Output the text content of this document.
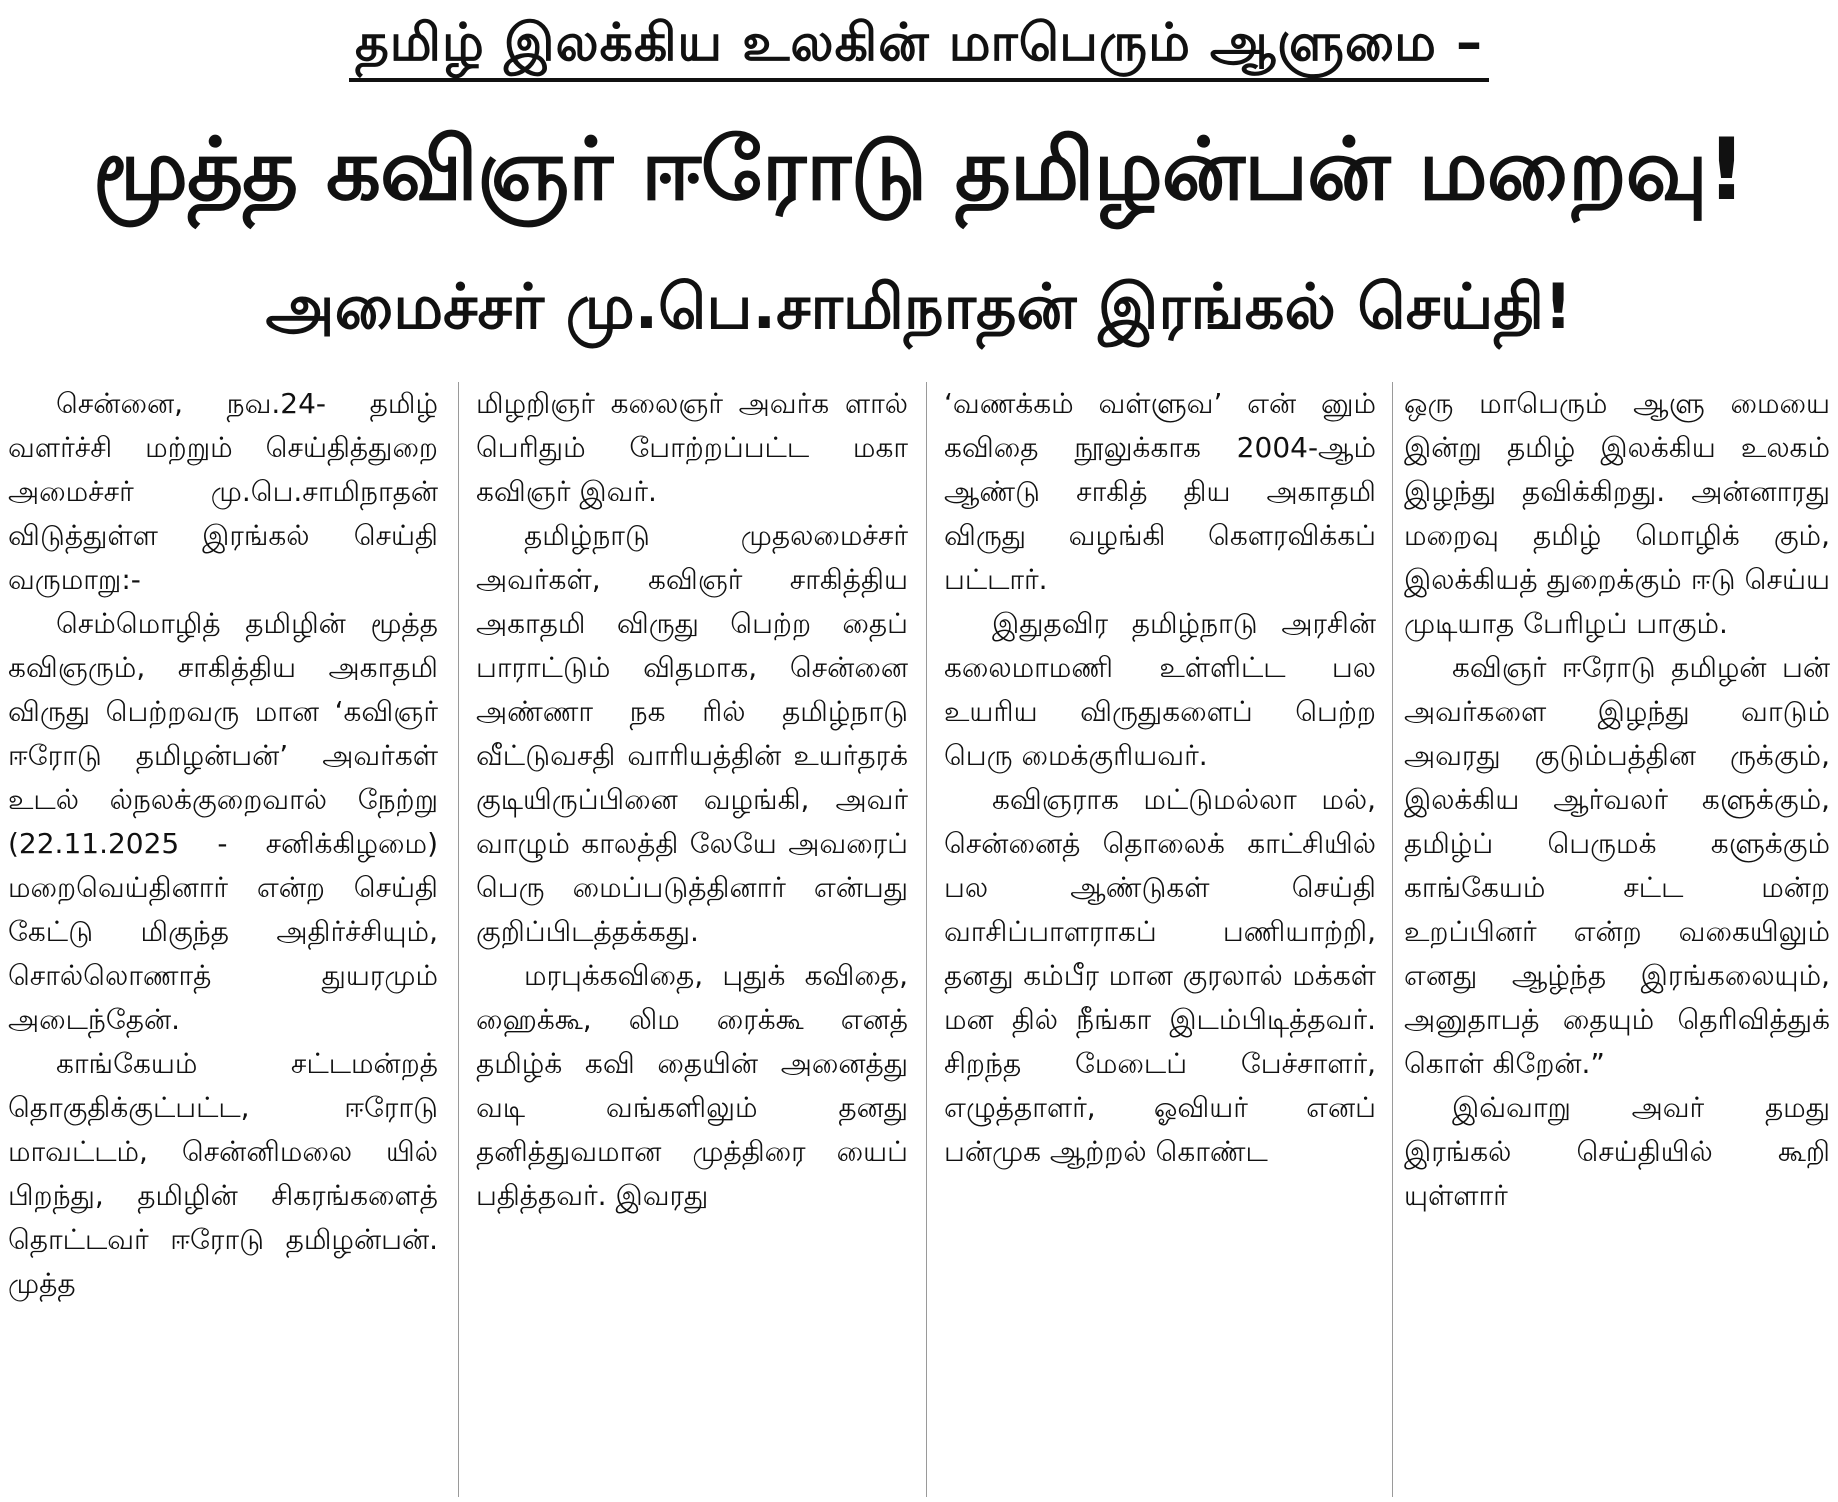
தமிழ் இலக்கிய உலகின் மாபெரும் ஆளுமை –
மூத்த கவிஞர் ஈரோடு தமிழன்பன் மறைவு!
அமைச்சர் மு.பெ.சாமிநாதன் இரங்கல் செய்தி!

சென்னை, நவ.24- தமிழ் வளர்ச்சி மற்றும் செய்தித்துறை அமைச்சர் மு.பெ.சாமிநாதன் விடுத்துள்ள இரங்கல் செய்தி வருமாறு:-

செம்மொழித் தமிழின் மூத்த கவிஞரும், சாகித்திய அகாதமி விருது பெற்றவரு மான ‘கவிஞர் ஈரோடு தமிழன்பன்’ அவர்கள் உடல் ல்நலக்குறைவால் நேற்று (22.11.2025 - சனிக்கிழமை) மறைவெய்தினார் என்ற செய்தி கேட்டு மிகுந்த அதிர்ச்சியும், சொல்லொணாத் துயரமும் அடைந்தேன்.

காங்கேயம் சட்டமன்றத் தொகுதிக்குட்பட்ட, ஈரோடு மாவட்டம், சென்னிமலை யில் பிறந்து, தமிழின் சிகரங்களைத் தொட்டவர் ஈரோடு தமிழன்பன். முத்த

மிழறிஞர் கலைஞர் அவர்க ளால் பெரிதும் போற்றப்பட்ட மகா கவிஞர் இவர்.

தமிழ்நாடு முதலமைச்சர் அவர்கள், கவிஞர் சாகித்திய அகாதமி விருது பெற்ற தைப் பாராட்டும் விதமாக, சென்னை அண்ணா நக ரில் தமிழ்நாடு வீட்டுவசதி வாரியத்தின் உயர்தரக் குடியிருப்பினை வழங்கி, அவர் வாழும் காலத்தி லேயே அவரைப் பெரு மைப்படுத்தினார் என்பது குறிப்பிடத்தக்கது.

மரபுக்கவிதை, புதுக் கவிதை, ஹைக்கூ, லிம ரைக்கூ எனத் தமிழ்க் கவி தையின் அனைத்து வடி வங்களிலும் தனது தனித்துவமான முத்திரை யைப் பதித்தவர். இவரது

‘வணக்கம் வள்ளுவ’ என் னும் கவிதை நூலுக்காக 2004-ஆம் ஆண்டு சாகித் திய அகாதமி விருது வழங்கி கௌரவிக்கப் பட்டார்.

இதுதவிர தமிழ்நாடு அரசின் கலைமாமணி உள்ளிட்ட பல உயரிய விருதுகளைப் பெற்ற பெரு மைக்குரியவர்.

கவிஞராக மட்டுமல்லா மல், சென்னைத் தொலைக் காட்சியில் பல ஆண்டுகள் செய்தி வாசிப்பாளராகப் பணியாற்றி, தனது கம்பீர மான குரலால் மக்கள் மன தில் நீங்கா இடம்பிடித்தவர். சிறந்த மேடைப் பேச்சாளர், எழுத்தாளர், ஓவியர் எனப் பன்முக ஆற்றல் கொண்ட

ஒரு மாபெரும் ஆளு மையை இன்று தமிழ் இலக்கிய உலகம் இழந்து தவிக்கிறது. அன்னாரது மறைவு தமிழ் மொழிக் கும், இலக்கியத் துறைக்கும் ஈடு செய்ய முடியாத பேரிழப் பாகும்.

கவிஞர் ஈரோடு தமிழன் பன் அவர்களை இழந்து வாடும் அவரது குடும்பத்தின ருக்கும், இலக்கிய ஆர்வலர் களுக்கும், தமிழ்ப் பெருமக் களுக்கும் காங்கேயம் சட்ட மன்ற உறப்பினர் என்ற வகையிலும் எனது ஆழ்ந்த இரங்கலையும், அனுதாபத் தையும் தெரிவித்துக் கொள் கிறேன்.”

இவ்வாறு அவர் தமது இரங்கல் செய்தியில் கூறி யுள்ளார்
